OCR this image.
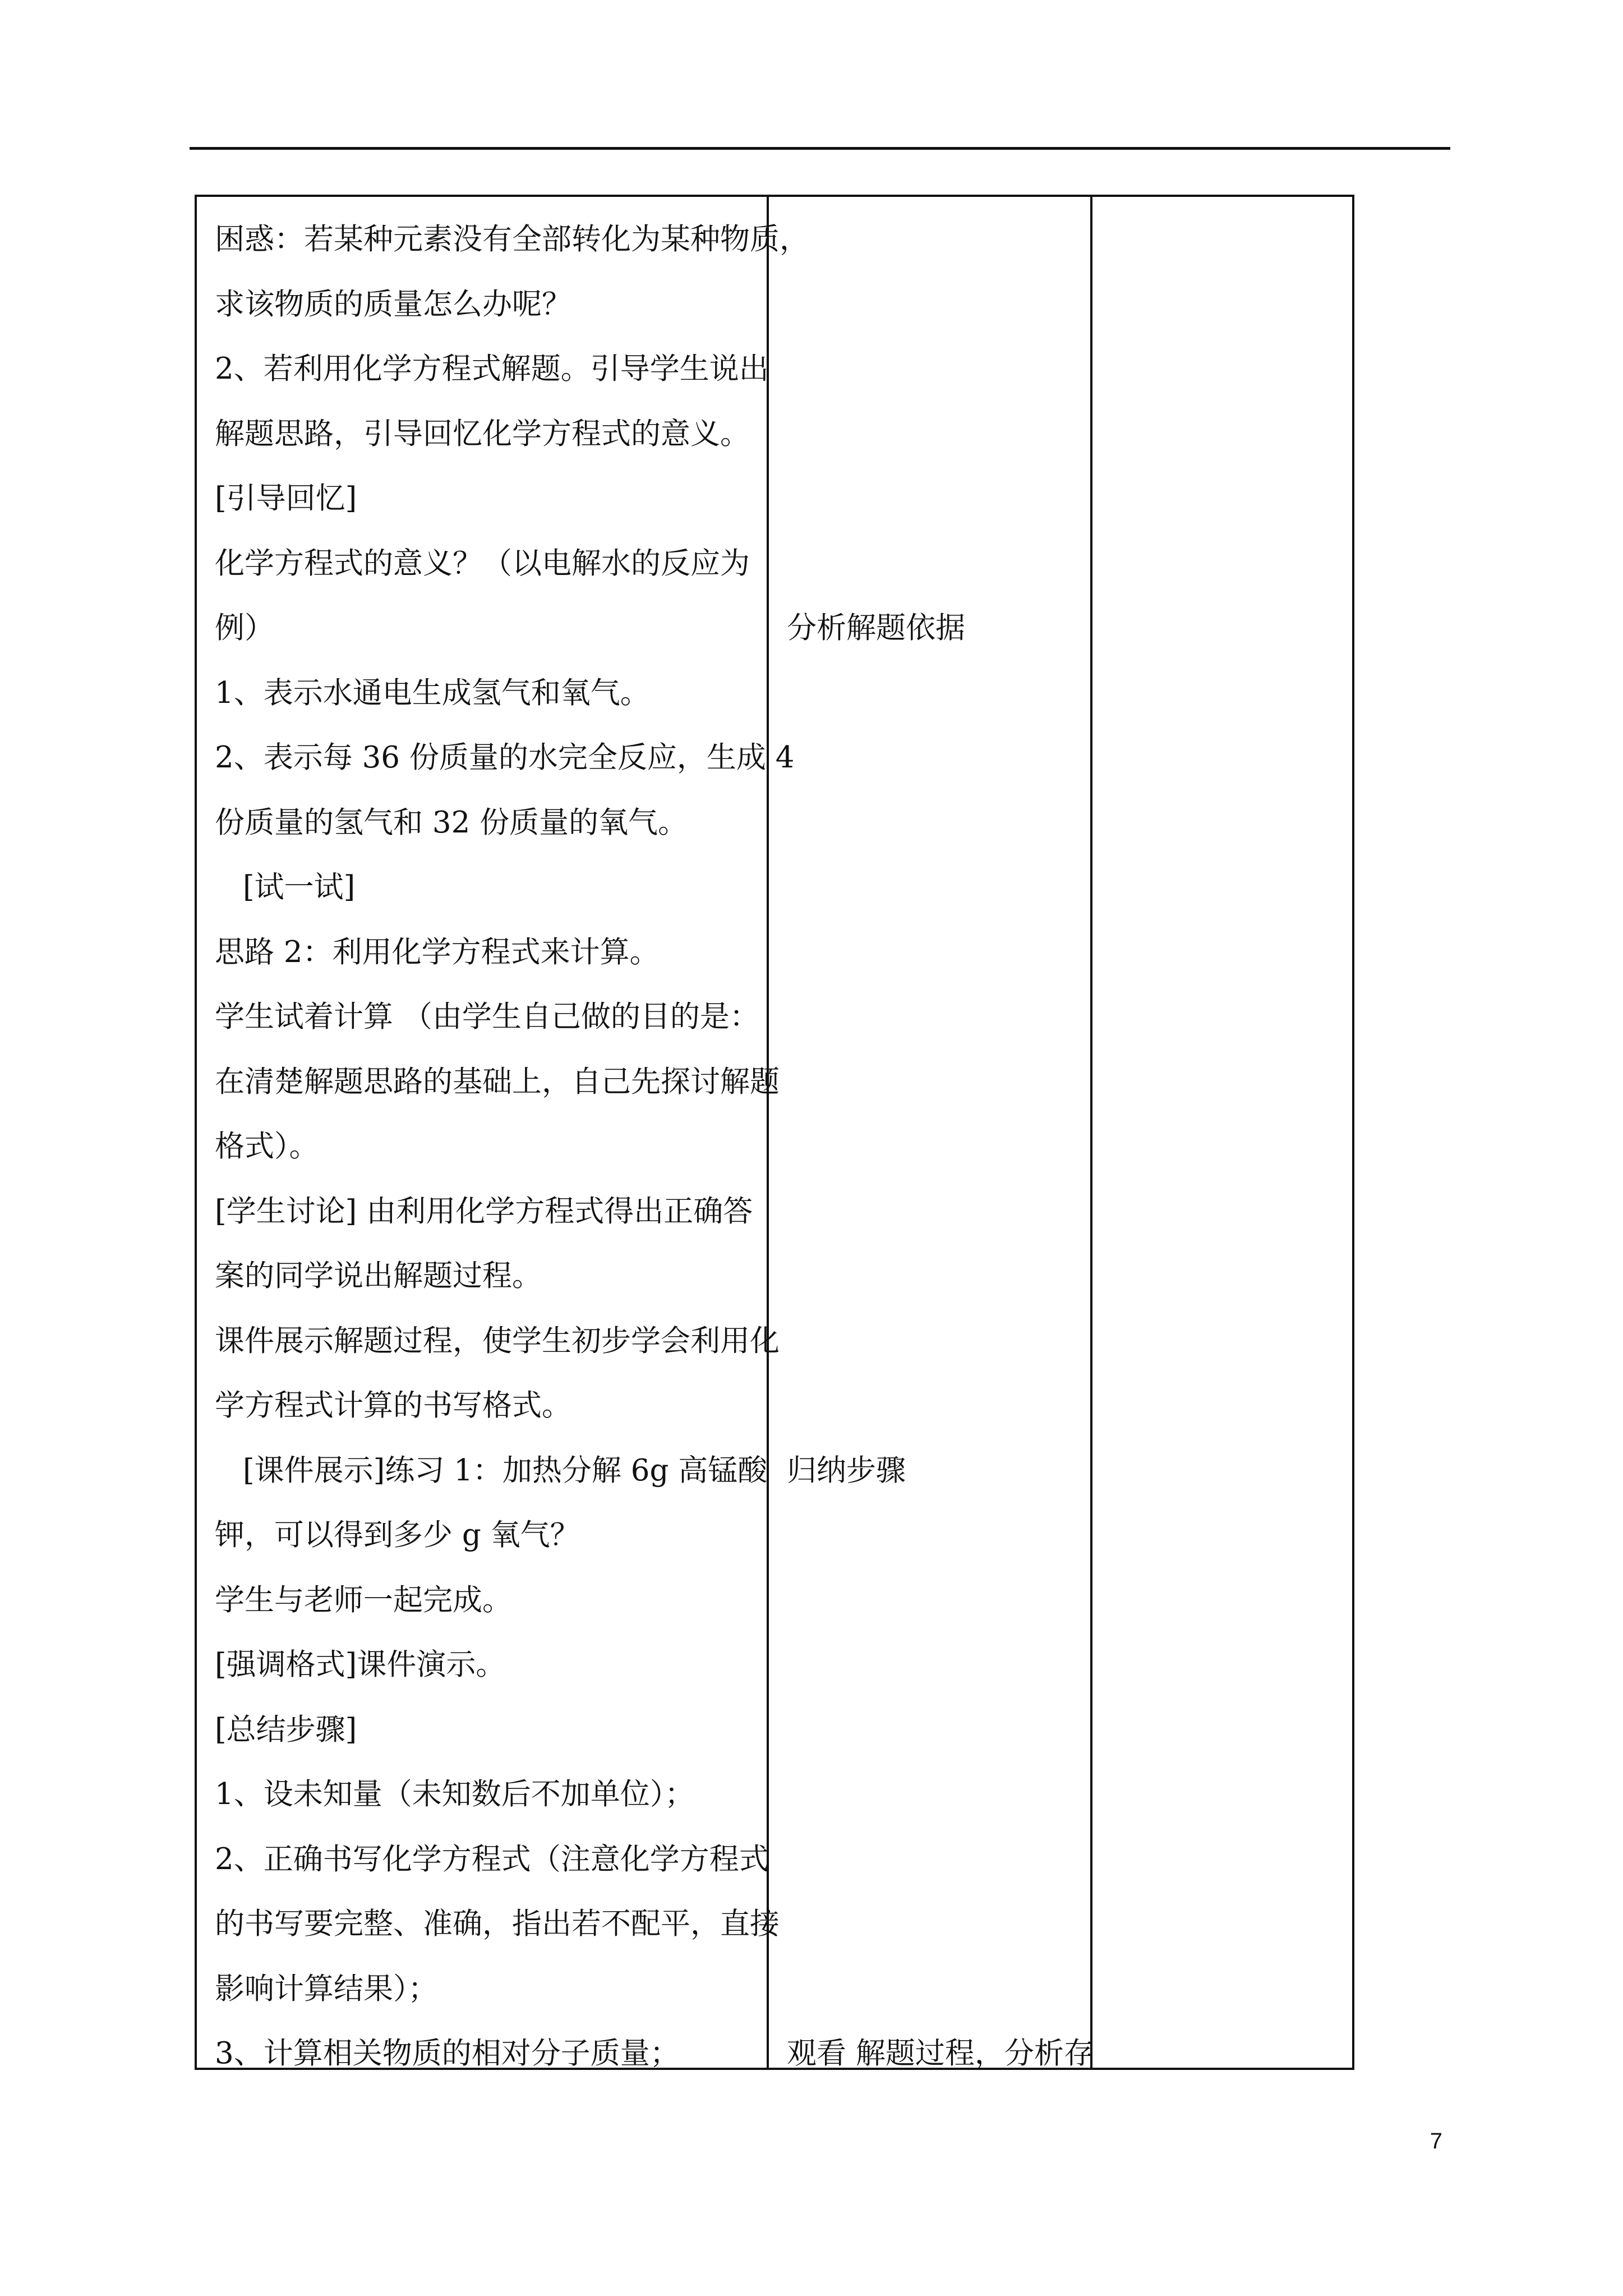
困惑：若某种元素没有全部转化为某种物质，
求该物质的质量怎么办呢？
2、若利用化学方程式解题。引导学生说出
解题思路，引导回忆化学方程式的意义。
[引导回忆]
化学方程式的意义？（以电解水的反应为
例）
1、表示水通电生成氢气和氧气。
2、表示每 36 份质量的水完全反应，生成 4
份质量的氢气和 32 份质量的氧气。
[试一试]
思路 2：利用化学方程式来计算。
学生试着计算 （由学生自己做的目的是：
在清楚解题思路的基础上，自己先探讨解题
格式）。
[学生讨论] 由利用化学方程式得出正确答
案的同学说出解题过程。
课件展示解题过程，使学生初步学会利用化
学方程式计算的书写格式。
[课件展示]练习 1：加热分解 6g 高锰酸
钾，可以得到多少 g 氧气？
学生与老师一起完成。
[强调格式]课件演示。
[总结步骤]
1、设未知量（未知数后不加单位）；
2、正确书写化学方程式（注意化学方程式
的书写要完整、准确，指出若不配平，直接
影响计算结果）；
3、计算相关物质的相对分子质量；
分析解题依据
归纳步骤
观看 解题过程，分析存
7
